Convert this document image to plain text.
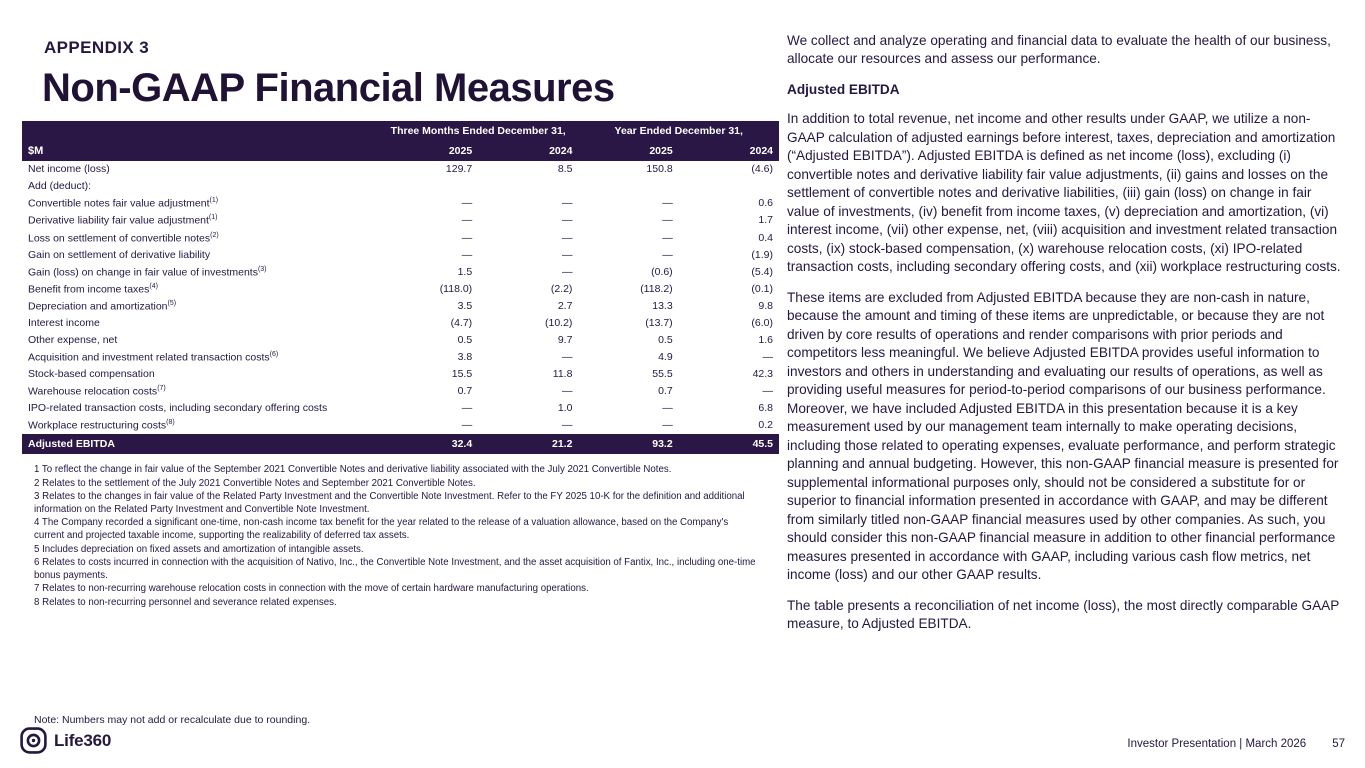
APPENDIX 3
Non-GAAP Financial Measures
	Three Months Ended December 31,		Year Ended December 31,	
$M	2025	2024	2025	2024
Net income (loss)	129.7	8.5	150.8	(4.6)
Add (deduct):				
Convertible notes fair value adjustment$^{(1)}$	—	—	—	0.6
Derivative liability fair value adjustment$^{(1)}$	—	—	—	1.7
Loss on settlement of convertible notes$^{(2)}$	—	—	—	0.4
Gain on settlement of derivative liability	—	—	—	(1.9)
Gain (loss) on change in fair value of investments$^{(3)}$	1.5	—	(0.6)	(5.4)
Benefit from income taxes$^{(4)}$	(118.0)	(2.2)	(118.2)	(0.1)
Depreciation and amortization$^{(5)}$	3.5	2.7	13.3	9.8
Interest income	(4.7)	(10.2)	(13.7)	(6.0)
Other expense, net	0.5	9.7	0.5	1.6
Acquisition and investment related transaction costs$^{(6)}$	3.8	—	4.9	—
Stock-based compensation	15.5	11.8	55.5	42.3
Warehouse relocation costs$^{(7)}$	0.7	—	0.7	—
IPO-related transaction costs, including secondary offering costs	—	1.0	—	6.8
Workplace restructuring costs$^{(8)}$	—	—	—	0.2
Adjusted EBITDA	32.4	21.2	93.2	45.5
1 To reflect the change in fair value of the September 2021 Convertible Notes and derivative liability associated with the July 2021 Convertible Notes.
2 Relates to the settlement of the July 2021 Convertible Notes and September 2021 Convertible Notes.
3 Relates to the changes in fair value of the Related Party Investment and the Convertible Note Investment. Refer to the FY 2025 10-K for the definition and additional information on the Related Party Investment and Convertible Note Investment.
4 The Company recorded a significant one-time, non-cash income tax benefit for the year related to the release of a valuation allowance, based on the Company's current and projected taxable income, supporting the realizability of deferred tax assets.
5 Includes depreciation on fixed assets and amortization of intangible assets.
6 Relates to costs incurred in connection with the acquisition of Nativo, Inc., the Convertible Note Investment, and the asset acquisition of Fantix, Inc., including one-time bonus payments.
7 Relates to non-recurring warehouse relocation costs in connection with the move of certain hardware manufacturing operations.
8 Relates to non-recurring personnel and severance related expenses.
Note: Numbers may not add or recalculate due to rounding.

We collect and analyze operating and financial data to evaluate the health of our business, allocate our resources and assess our performance.

Adjusted EBITDA

In addition to total revenue, net income and other results under GAAP, we utilize a non-GAAP calculation of adjusted earnings before interest, taxes, depreciation and amortization (“Adjusted EBITDA”). Adjusted EBITDA is defined as net income (loss), excluding (i) convertible notes and derivative liability fair value adjustments, (ii) gains and losses on the settlement of convertible notes and derivative liabilities, (iii) gain (loss) on change in fair value of investments, (iv) benefit from income taxes, (v) depreciation and amortization, (vi) interest income, (vii) other expense, net, (viii) acquisition and investment related transaction costs, (ix) stock-based compensation, (x) warehouse relocation costs, (xi) IPO-related transaction costs, including secondary offering costs, and (xii) workplace restructuring costs.

These items are excluded from Adjusted EBITDA because they are non-cash in nature, because the amount and timing of these items are unpredictable, or because they are not driven by core results of operations and render comparisons with prior periods and competitors less meaningful. We believe Adjusted EBITDA provides useful information to investors and others in understanding and evaluating our results of operations, as well as providing useful measures for period-to-period comparisons of our business performance. Moreover, we have included Adjusted EBITDA in this presentation because it is a key measurement used by our management team internally to make operating decisions, including those related to operating expenses, evaluate performance, and perform strategic planning and annual budgeting. However, this non-GAAP financial measure is presented for supplemental informational purposes only, should not be considered a substitute for or superior to financial information presented in accordance with GAAP, and may be different from similarly titled non-GAAP financial measures used by other companies. As such, you should consider this non-GAAP financial measure in addition to other financial performance measures presented in accordance with GAAP, including various cash flow metrics, net income (loss) and our other GAAP results.

The table presents a reconciliation of net income (loss), the most directly comparable GAAP measure, to Adjusted EBITDA.

Life360	Investor Presentation | March 2026 57
